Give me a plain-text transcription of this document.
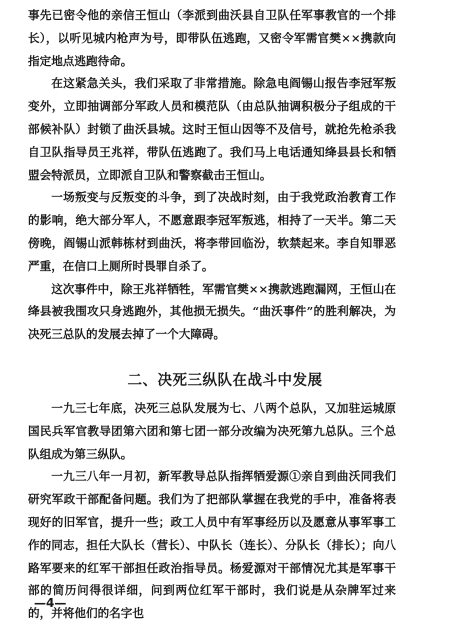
事先已密令他的亲信王恒山（李派到曲沃县自卫队任军事教官的一个排长），以听见城内枪声为号，即带队伍逃跑，又密令军需官樊××携款向指定地点逃跑待命。

在这紧急关头，我们采取了非常措施。除急电阎锡山报告李冠军叛变外，立即抽调部分军政人员和模范队（由总队抽调积极分子组成的干部候补队）封锁了曲沃县城。这时王恒山因等不及信号，就抢先枪杀我自卫队指导员王兆祥，带队伍逃跑了。我们马上电话通知绛县县长和牺盟会特派员，立即派自卫队和警察截击王恒山。

一场叛变与反叛变的斗争，到了决战时刻，由于我党政治教育工作的影响，绝大部分军人，不愿意跟李冠军叛逃，相持了一天半。第二天傍晚，阎锡山派韩栋材到曲沃，将李带回临汾，软禁起来。李自知罪恶严重，在信口上厕所时畏罪自杀了。

这次事件中，除王兆祥牺牲，军需官樊××携款逃跑漏网，王恒山在绛县被我围攻只身逃跑外，其他损无损失。“曲沃事件”的胜利解决，为决死三总队的发展去掉了一个大障碍。

二、决死三纵队在战斗中发展

一九三七年底，决死三总队发展为七、八两个总队，又加驻运城原国民兵军官教导团第六团和第七团一部分改编为决死第九总队。三个总队组成为第三纵队。

一九三八年一月初，新军教导总队指挥牺爱源①亲自到曲沃同我们研究军政干部配备问题。我们为了把部队掌握在我党的手中，准备将表现好的旧军官，提升一些；政工人员中有军事经历以及愿意从事军事工作的同志，担任大队长（营长）、中队长（连长）、分队长（排长）；向八路军要来的红军干部担任政治指导员。杨爱源对干部情况尤其是军事干部的简历问得很详细，问到两位红军干部时，我们说是从杂牌军过来的，并将他们的名字也

—4—
